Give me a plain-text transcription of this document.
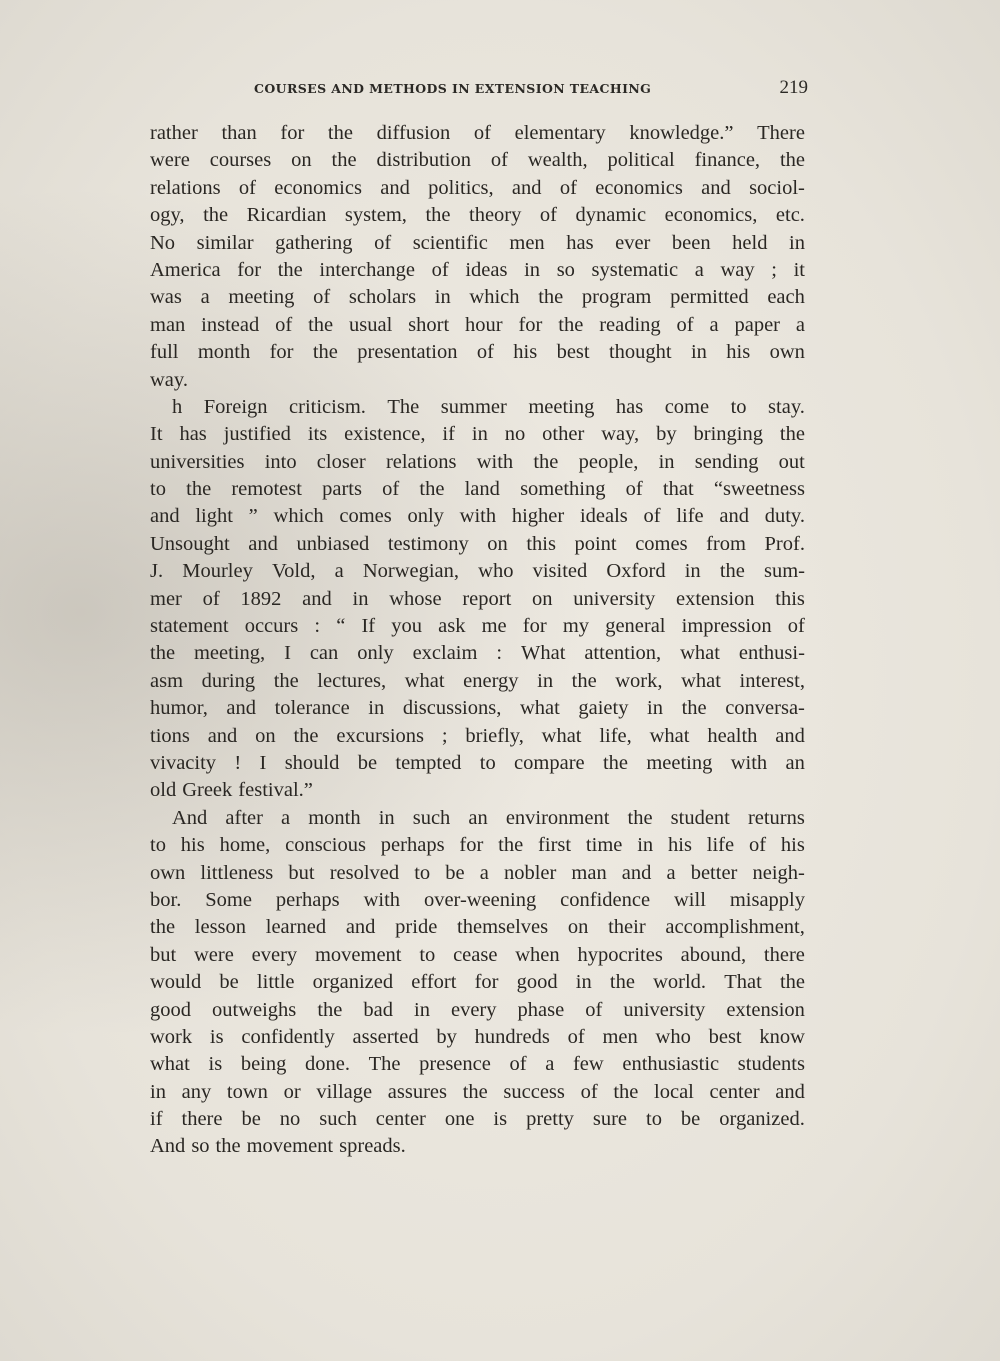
COURSES AND METHODS IN EXTENSION TEACHING	219
rather than for the diffusion of elementary knowledge.” There
were courses on the distribution of wealth, political finance, the
relations of economics and politics, and of economics and sociol-
ogy, the Ricardian system, the theory of dynamic economics, etc.
No similar gathering of scientific men has ever been held in
America for the interchange of ideas in so systematic a way ; it
was a meeting of scholars in which the program permitted each
man instead of the usual short hour for the reading of a paper a
full month for the presentation of his best thought in his own
way.
h Foreign criticism. The summer meeting has come to stay.
It has justified its existence, if in no other way, by bringing the
universities into closer relations with the people, in sending out
to the remotest parts of the land something of that “sweetness
and light ” which comes only with higher ideals of life and duty.
Unsought and unbiased testimony on this point comes from Prof.
J. Mourley Vold, a Norwegian, who visited Oxford in the sum-
mer of 1892 and in whose report on university extension this
statement occurs : “ If you ask me for my general impression of
the meeting, I can only exclaim : What attention, what enthusi-
asm during the lectures, what energy in the work, what interest,
humor, and tolerance in discussions, what gaiety in the conversa-
tions and on the excursions ; briefly, what life, what health and
vivacity ! I should be tempted to compare the meeting with an
old Greek festival.”
And after a month in such an environment the student returns
to his home, conscious perhaps for the first time in his life of his
own littleness but resolved to be a nobler man and a better neigh-
bor. Some perhaps with over-weening confidence will misapply
the lesson learned and pride themselves on their accomplishment,
but were every movement to cease when hypocrites abound, there
would be little organized effort for good in the world. That the
good outweighs the bad in every phase of university extension
work is confidently asserted by hundreds of men who best know
what is being done. The presence of a few enthusiastic students
in any town or village assures the success of the local center and
if there be no such center one is pretty sure to be organized.
And so the movement spreads.
